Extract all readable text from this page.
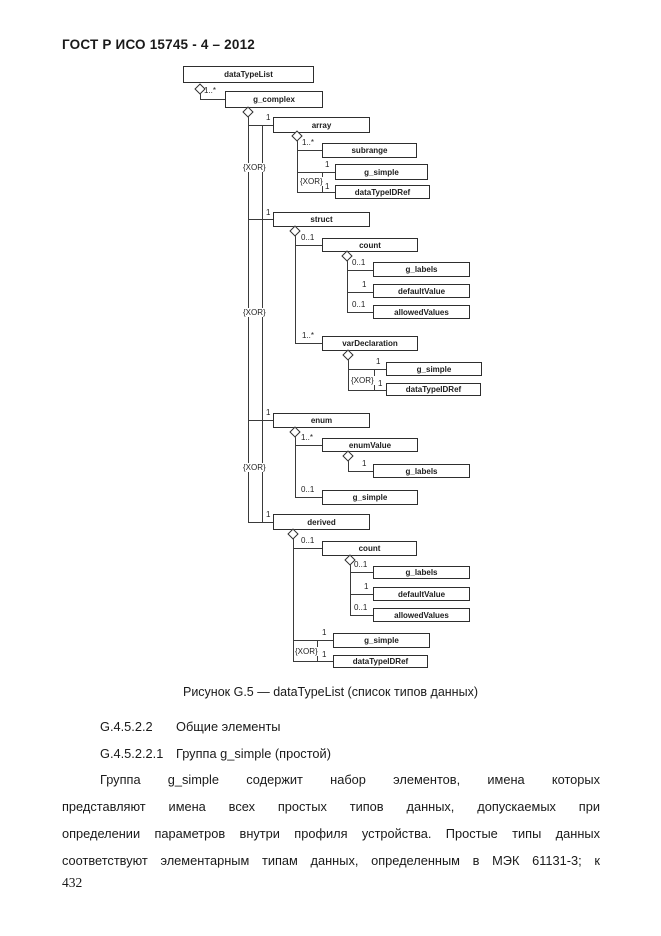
ГОСТ Р ИСО 15745 - 4 – 2012
dataTypeList
g_complex
array
subrange
g_simple
dataTypeIDRef
struct
count
g_labels
defaultValue
allowedValues
varDeclaration
g_simple
dataTypeIDRef
enum
enumValue
g_labels
g_simple
derived
count
g_labels
defaultValue
allowedValues
g_simple
dataTypeIDRef
1..*
1
1..*
1
1
1
0..1
0..1
1
0..1
1..*
1
1
1
1..*
1
0..1
1
0..1
0..1
1
0..1
1
1
{XOR}
{XOR}
{XOR}
{XOR}
{XOR}
{XOR}
Рисунок G.5 — dataTypeList (список типов данных)
G.4.5.2.2 Общие элементы
G.4.5.2.2.1 Группа g_simple (простой)
Группа g_simple содержит набор элементов, имена которых
представляют имена всех простых типов данных, допускаемых при
определении параметров внутри профиля устройства. Простые типы данных
соответствуют элементарным типам данных, определенным в МЭК 61131-3; к
432
